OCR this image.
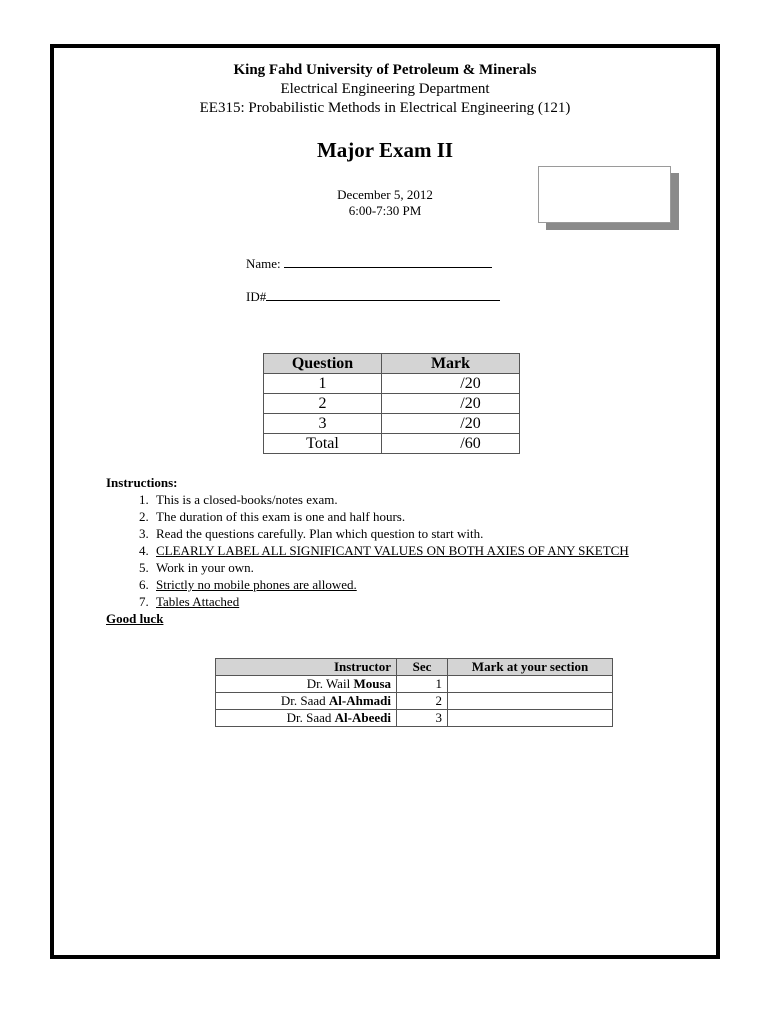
King Fahd University of Petroleum & Minerals
Electrical Engineering Department
EE315: Probabilistic Methods in Electrical Engineering (121)
Major Exam II
December 5, 2012
6:00-7:30 PM
Name:
ID#
Question	Mark
1	/20
2	/20
3	/20
Total	/60
Instructions:
1. This is a closed-books/notes exam.
2. The duration of this exam is one and half hours.
3. Read the questions carefully. Plan which question to start with.
4. CLEARLY LABEL ALL SIGNIFICANT VALUES ON BOTH AXIES OF ANY SKETCH
5. Work in your own.
6. Strictly no mobile phones are allowed.
7. Tables Attached
Good luck
Instructor	Sec	Mark at your section
Dr. Wail Mousa	1	
Dr. Saad Al-Ahmadi	2	
Dr. Saad Al-Abeedi	3	
